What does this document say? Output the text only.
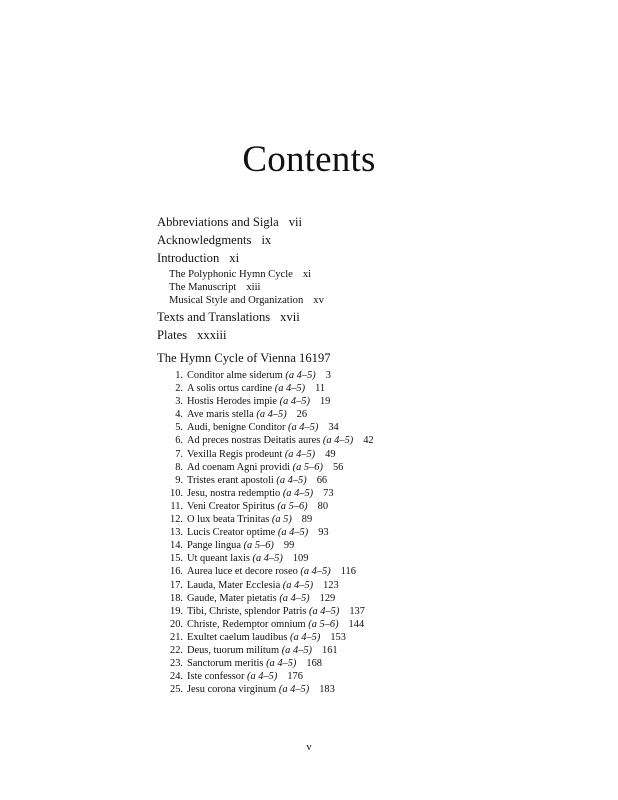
Contents
Abbreviations and Sigla vii
Acknowledgments ix
Introduction xi
The Polyphonic Hymn Cycle xi
The Manuscript xiii
Musical Style and Organization xv
Texts and Translations xvii
Plates xxxiii
The Hymn Cycle of Vienna 16197
1. Conditor alme siderum (a 4–5) 3
2. A solis ortus cardine (a 4–5) 11
3. Hostis Herodes impie (a 4–5) 19
4. Ave maris stella (a 4–5) 26
5. Audi, benigne Conditor (a 4–5) 34
6. Ad preces nostras Deitatis aures (a 4–5) 42
7. Vexilla Regis prodeunt (a 4–5) 49
8. Ad coenam Agni providi (a 5–6) 56
9. Tristes erant apostoli (a 4–5) 66
10. Jesu, nostra redemptio (a 4–5) 73
11. Veni Creator Spiritus (a 5–6) 80
12. O lux beata Trinitas (a 5) 89
13. Lucis Creator optime (a 4–5) 93
14. Pange lingua (a 5–6) 99
15. Ut queant laxis (a 4–5) 109
16. Aurea luce et decore roseo (a 4–5) 116
17. Lauda, Mater Ecclesia (a 4–5) 123
18. Gaude, Mater pietatis (a 4–5) 129
19. Tibi, Christe, splendor Patris (a 4–5) 137
20. Christe, Redemptor omnium (a 5–6) 144
21. Exultet caelum laudibus (a 4–5) 153
22. Deus, tuorum militum (a 4–5) 161
23. Sanctorum meritis (a 4–5) 168
24. Iste confessor (a 4–5) 176
25. Jesu corona virginum (a 4–5) 183
v
